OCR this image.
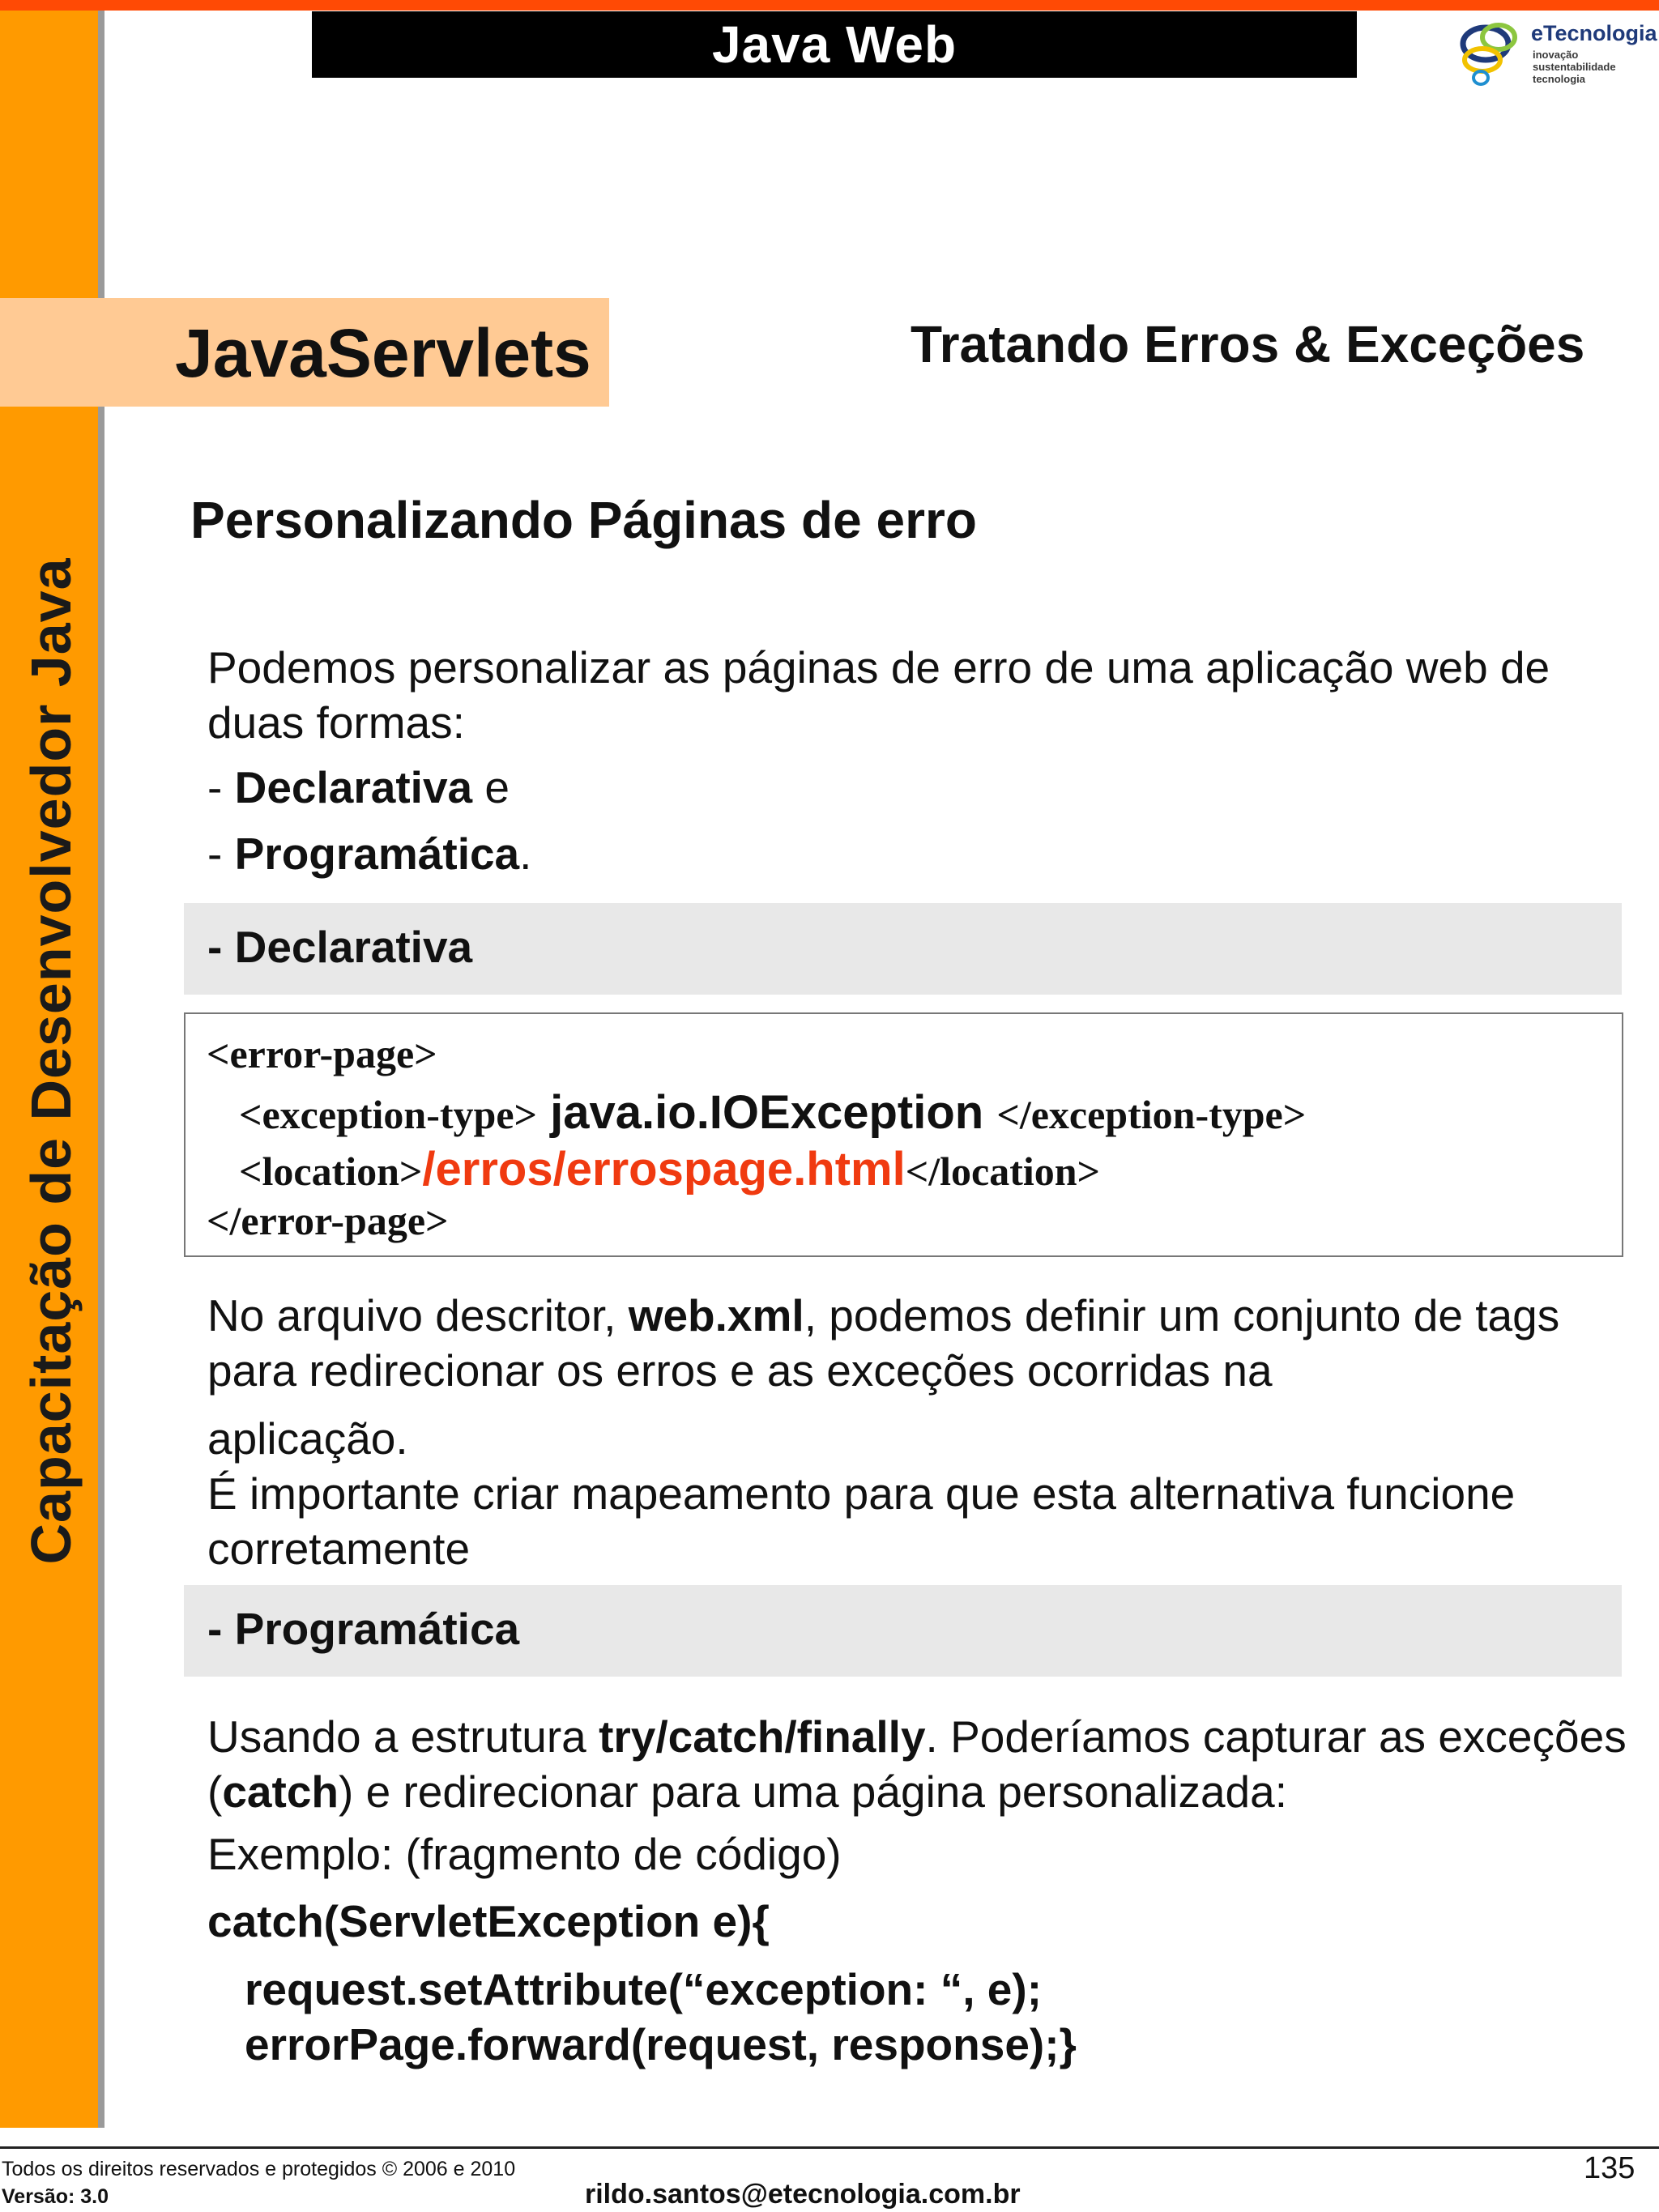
Capacitação de Desenvolvedor Java
Java Web	eTecnologia
inovação
sustentabilidade
tecnologia
JavaServlets	Tratando Erros & Exceções
Personalizando Páginas de erro
Podemos personalizar as páginas de erro de uma aplicação web de duas formas:
- Declarativa e
- Programática.
- Declarativa
<error-page>
<exception-type> java.io.IOException </exception-type>
<location>/erros/errospage.html</location>
</error-page>
No arquivo descritor, web.xml, podemos definir um conjunto de tags para redirecionar os erros e as exceções ocorridas na
aplicação.
É importante criar mapeamento para que esta alternativa funcione corretamente
- Programática
Usando a estrutura try/catch/finally. Poderíamos capturar as exceções (catch) e redirecionar para uma página personalizada:
Exemplo: (fragmento de código)
catch(ServletException e){
request.setAttribute(“exception: “, e);
errorPage.forward(request, response);}
Todos os direitos reservados e protegidos © 2006 e 2010
Versão: 3.0	rildo.santos@etecnologia.com.br
135
